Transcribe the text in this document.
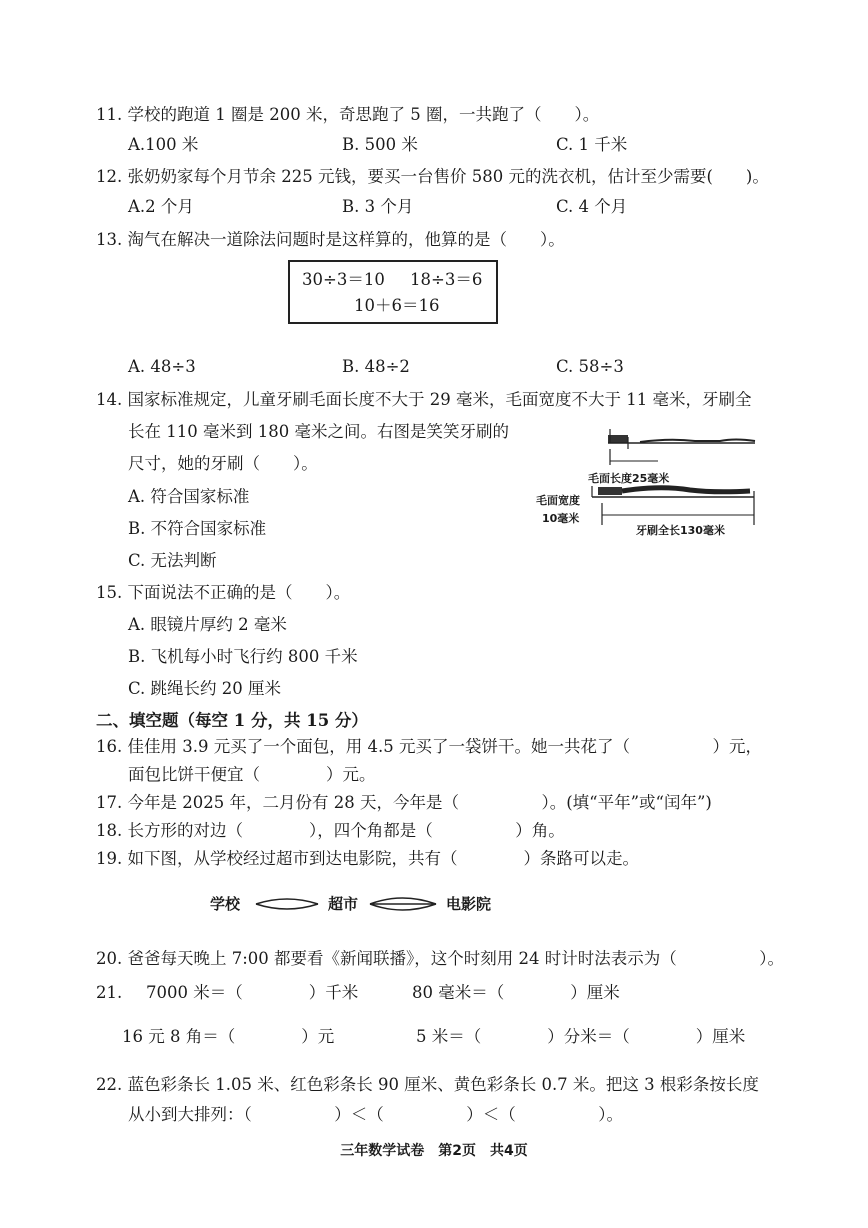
11. 学校的跑道 1 圈是 200 米，奇思跑了 5 圈，一共跑了（　　）。
A.100 米	B. 500 米	C. 1 千米
12. 张奶奶家每个月节余 225 元钱，要买一台售价 580 元的洗衣机，估计至少需要(　　)。
A.2 个月	B. 3 个月	C. 4 个月
13. 淘气在解决一道除法问题时是这样算的，他算的是（　　）。
30÷3＝10 18÷3＝6
10＋6＝16
A. 48÷3	B. 48÷2	C. 58÷3
14. 国家标准规定，儿童牙刷毛面长度不大于 29 毫米，毛面宽度不大于 11 毫米，牙刷全
长在 110 毫米到 180 毫米之间。右图是笑笑牙刷的
尺寸，她的牙刷（　　）。
A. 符合国家标准
B. 不符合国家标准
C. 无法判断
毛面长度25毫米
毛面宽度
10毫米
牙刷全长130毫米
15. 下面说法不正确的是（　　）。
A. 眼镜片厚约 2 毫米
B. 飞机每小时飞行约 800 千米
C. 跳绳长约 20 厘米
二、填空题（每空 1 分，共 15 分）
16. 佳佳用 3.9 元买了一个面包，用 4.5 元买了一袋饼干。她一共花了（　　　　　）元，
面包比饼干便宜（　　　　）元。
17. 今年是 2025 年，二月份有 28 天，今年是（　　　　　）。(填“平年”或“闰年”)
18. 长方形的对边（　　　　），四个角都是（　　　　　）角。
19. 如下图，从学校经过超市到达电影院，共有（　　　　）条路可以走。
学校	超市	电影院
20. 爸爸每天晚上 7:00 都要看《新闻联播》，这个时刻用 24 时计时法表示为（　　　　　）。
21. 7000 米＝（　　　　）千米	80 毫米＝（　　　　）厘米
16 元 8 角＝（　　　　）元	5 米＝（　　　　）分米＝（　　　　）厘米
22. 蓝色彩条长 1.05 米、红色彩条长 90 厘米、黄色彩条长 0.7 米。把这 3 根彩条按长度
从小到大排列：（　　　　　）＜（　　　　　）＜（　　　　　）。
三年数学试卷　第2页　共4页
